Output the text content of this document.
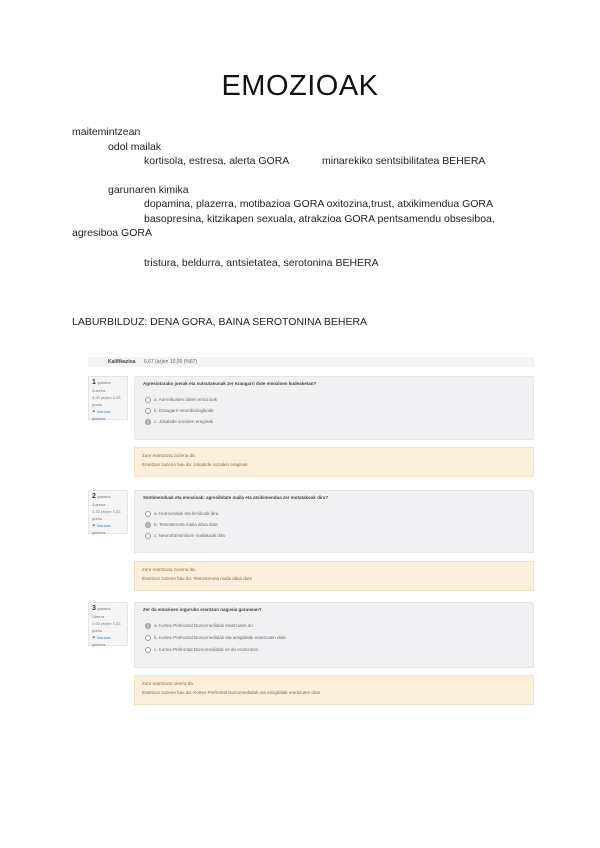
EMOZIOAK
maitemintzean
odol mailak
kortisola, estresa, alerta GORA	minarekiko sentsibilitatea BEHERA
garunaren kimika
dopamina, plazerra, motibazioa GORA oxitozina,trust, atxikimendua GORA
basopresina, kitzikapen sexuala, atrakzioa GORA pentsamendu obsesiboa,
agresiboa GORA
tristura, beldurra, antsietatea, serotonina BEHERA
LABURBILDUZ: DENA GORA, BAINA SEROTONINA BEHERA
Kalifikazioa 6,67 (ar)en 10,00 (%67)
1 galdera
Zuzena
3,33 (ar)en 3,33 puntu
⚑ Markatu galdera
Agresiotarako joerak eta sutsutasunak zer ezaugarri dute emozioen kudeaketan?
a. Aurreikusten duten emozioak
b. Ezaugarri neurobiologikoak
c. Jokabide sozialen eraginak
Zure erantzuna zuzena da.
Erantzun zuzena hau da: Jokabide sozialen eraginak
2 galdera
Zuzena
3,33 (ar)en 3,33 puntu
⚑ Markatu galdera
Sentimenduak eta emozioak: agresibitate maila eta atxikimendua zer motatakoak dira?
a. Hormonalak eta kimikoak dira
b. Testosterona maila altua dute
c. Neurotransmisore mailakoak dira
Zure erantzuna zuzena da.
Erantzun zuzena hau da: Testosterona maila altua dute
3 galdera
Okerra
0,00 (ar)en 3,33 puntu
⚑ Markatu galdera
Zer da emozioen inguruko erantzun nagusia garunean?
a. Kortex Prefrontal Dorsomedialak erantzuten du
b. Kortex Prefrontal Dorsomedialak eta amigdalak erantzuten dute
c. Kortex Prefrontal Dorsomedialak ez du erantzuten
Zure erantzuna okerra da.
Erantzun zuzena hau da: Kortex Prefrontal Dorsomedialak eta amigdalak erantzuten dute
